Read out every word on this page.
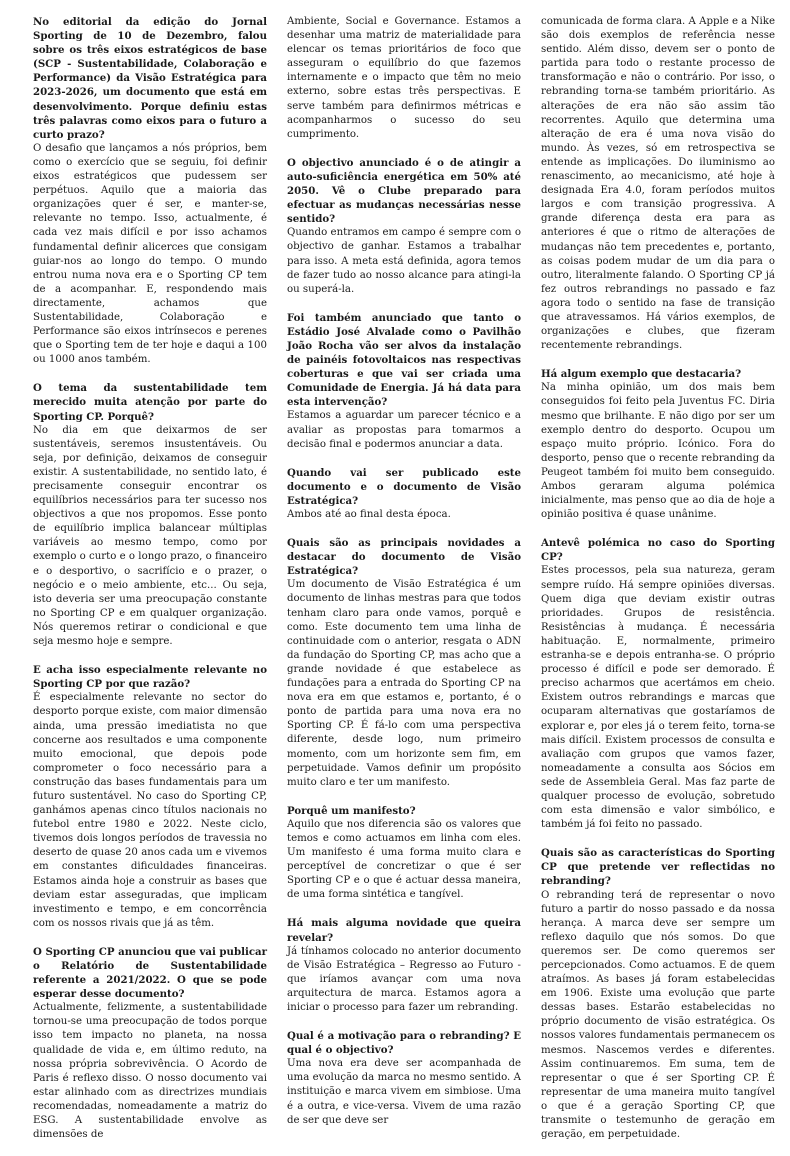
No editorial da edição do Jornal Sporting de 10 de Dezembro, falou sobre os três eixos estratégicos de base (SCP - Sustentabilidade, Colaboração e Performance) da Visão Estratégica para 2023-2026, um documento que está em desenvolvimento. Porque definiu estas três palavras como eixos para o futuro a curto prazo?

O desafio que lançamos a nós próprios, bem como o exercício que se seguiu, foi definir eixos estratégicos que pudessem ser perpétuos. Aquilo que a maioria das organizações quer é ser, e manter-se, relevante no tempo. Isso, actualmente, é cada vez mais difícil e por isso achamos fundamental definir alicerces que consigam guiar-nos ao longo do tempo. O mundo entrou numa nova era e o Sporting CP tem de a acompanhar. E, respondendo mais directamente, achamos que Sustentabilidade, Colaboração e Performance são eixos intrínsecos e perenes que o Sporting tem de ter hoje e daqui a 100 ou 1000 anos também.

O tema da sustentabilidade tem merecido muita atenção por parte do Sporting CP. Porquê?

No dia em que deixarmos de ser sustentáveis, seremos insustentáveis. Ou seja, por definição, deixamos de conseguir existir. A sustentabilidade, no sentido lato, é precisamente conseguir encontrar os equilíbrios necessários para ter sucesso nos objectivos a que nos propomos. Esse ponto de equilíbrio implica balancear múltiplas variáveis ao mesmo tempo, como por exemplo o curto e o longo prazo, o financeiro e o desportivo, o sacrifício e o prazer, o negócio e o meio ambiente, etc... Ou seja, isto deveria ser uma preocupação constante no Sporting CP e em qualquer organização. Nós queremos retirar o condicional e que seja mesmo hoje e sempre.

E acha isso especialmente relevante no Sporting CP por que razão?

É especialmente relevante no sector do desporto porque existe, com maior dimensão ainda, uma pressão imediatista no que concerne aos resultados e uma componente muito emocional, que depois pode comprometer o foco necessário para a construção das bases fundamentais para um futuro sustentável. No caso do Sporting CP, ganhámos apenas cinco títulos nacionais no futebol entre 1980 e 2022. Neste ciclo, tivemos dois longos períodos de travessia no deserto de quase 20 anos cada um e vivemos em constantes dificuldades financeiras. Estamos ainda hoje a construir as bases que deviam estar asseguradas, que implicam investimento e tempo, e em concorrência com os nossos rivais que já as têm.

O Sporting CP anunciou que vai publicar o Relatório de Sustentabilidade referente a 2021/2022. O que se pode esperar desse documento?

Actualmente, felizmente, a sustentabilidade tornou-se uma preocupação de todos porque isso tem impacto no planeta, na nossa qualidade de vida e, em último reduto, na nossa própria sobrevivência. O Acordo de Paris é reflexo disso. O nosso documento vai estar alinhado com as directrizes mundiais recomendadas, nomeadamente a matriz do ESG. A sustentabilidade envolve as dimensões de

Ambiente, Social e Governance. Estamos a desenhar uma matriz de materialidade para elencar os temas prioritários de foco que asseguram o equilíbrio do que fazemos internamente e o impacto que têm no meio externo, sobre estas três perspectivas. E serve também para definirmos métricas e acompanharmos o sucesso do seu cumprimento.

O objectivo anunciado é o de atingir a auto-suficiência energética em 50% até 2050. Vê o Clube preparado para efectuar as mudanças necessárias nesse sentido?

Quando entramos em campo é sempre com o objectivo de ganhar. Estamos a trabalhar para isso. A meta está definida, agora temos de fazer tudo ao nosso alcance para atingi-la ou superá-la.

Foi também anunciado que tanto o Estádio José Alvalade como o Pavilhão João Rocha vão ser alvos da instalação de painéis fotovoltaicos nas respectivas coberturas e que vai ser criada uma Comunidade de Energia. Já há data para esta intervenção?

Estamos a aguardar um parecer técnico e a avaliar as propostas para tomarmos a decisão final e podermos anunciar a data.

Quando vai ser publicado este documento e o documento de Visão Estratégica?

Ambos até ao final desta época.

Quais são as principais novidades a destacar do documento de Visão Estratégica?

Um documento de Visão Estratégica é um documento de linhas mestras para que todos tenham claro para onde vamos, porquê e como. Este documento tem uma linha de continuidade com o anterior, resgata o ADN da fundação do Sporting CP, mas acho que a grande novidade é que estabelece as fundações para a entrada do Sporting CP na nova era em que estamos e, portanto, é o ponto de partida para uma nova era no Sporting CP. É fá-lo com uma perspectiva diferente, desde logo, num primeiro momento, com um horizonte sem fim, em perpetuidade. Vamos definir um propósito muito claro e ter um manifesto.

Porquê um manifesto?

Aquilo que nos diferencia são os valores que temos e como actuamos em linha com eles. Um manifesto é uma forma muito clara e perceptível de concretizar o que é ser Sporting CP e o que é actuar dessa maneira, de uma forma sintética e tangível.

Há mais alguma novidade que queira revelar?

Já tínhamos colocado no anterior documento de Visão Estratégica – Regresso ao Futuro - que iríamos avançar com uma nova arquitectura de marca. Estamos agora a iniciar o processo para fazer um rebranding.

Qual é a motivação para o rebranding? E qual é o objectivo?

Uma nova era deve ser acompanhada de uma evolução da marca no mesmo sentido. A instituição e marca vivem em simbiose. Uma é a outra, e vice-versa. Vivem de uma razão de ser que deve ser

comunicada de forma clara. A Apple e a Nike são dois exemplos de referência nesse sentido. Além disso, devem ser o ponto de partida para todo o restante processo de transformação e não o contrário. Por isso, o rebranding torna-se também prioritário. As alterações de era não são assim tão recorrentes. Aquilo que determina uma alteração de era é uma nova visão do mundo. Às vezes, só em retrospectiva se entende as implicações. Do iluminismo ao renascimento, ao mecanicismo, até hoje à designada Era 4.0, foram períodos muitos largos e com transição progressiva. A grande diferença desta era para as anteriores é que o ritmo de alterações de mudanças não tem precedentes e, portanto, as coisas podem mudar de um dia para o outro, literalmente falando. O Sporting CP já fez outros rebrandings no passado e faz agora todo o sentido na fase de transição que atravessamos. Há vários exemplos, de organizações e clubes, que fizeram recentemente rebrandings.

Há algum exemplo que destacaria?

Na minha opinião, um dos mais bem conseguidos foi feito pela Juventus FC. Diria mesmo que brilhante. E não digo por ser um exemplo dentro do desporto. Ocupou um espaço muito próprio. Icónico. Fora do desporto, penso que o recente rebranding da Peugeot também foi muito bem conseguido. Ambos geraram alguma polémica inicialmente, mas penso que ao dia de hoje a opinião positiva é quase unânime.

Antevê polémica no caso do Sporting CP?

Estes processos, pela sua natureza, geram sempre ruído. Há sempre opiniões diversas. Quem diga que deviam existir outras prioridades. Grupos de resistência. Resistências à mudança. É necessária habituação. E, normalmente, primeiro estranha-se e depois entranha-se. O próprio processo é difícil e pode ser demorado. É preciso acharmos que acertámos em cheio. Existem outros rebrandings e marcas que ocuparam alternativas que gostaríamos de explorar e, por eles já o terem feito, torna-se mais difícil. Existem processos de consulta e avaliação com grupos que vamos fazer, nomeadamente a consulta aos Sócios em sede de Assembleia Geral. Mas faz parte de qualquer processo de evolução, sobretudo com esta dimensão e valor simbólico, e também já foi feito no passado.

Quais são as características do Sporting CP que pretende ver reflectidas no rebranding?

O rebranding terá de representar o novo futuro a partir do nosso passado e da nossa herança. A marca deve ser sempre um reflexo daquilo que nós somos. Do que queremos ser. De como queremos ser percepcionados. Como actuamos. E de quem atraímos. As bases já foram estabelecidas em 1906. Existe uma evolução que parte dessas bases. Estarão estabelecidas no próprio documento de visão estratégica. Os nossos valores fundamentais permanecem os mesmos. Nascemos verdes e diferentes. Assim continuaremos. Em suma, tem de representar o que é ser Sporting CP. É representar de uma maneira muito tangível o que é a geração Sporting CP, que transmite o testemunho de geração em geração, em perpetuidade.
